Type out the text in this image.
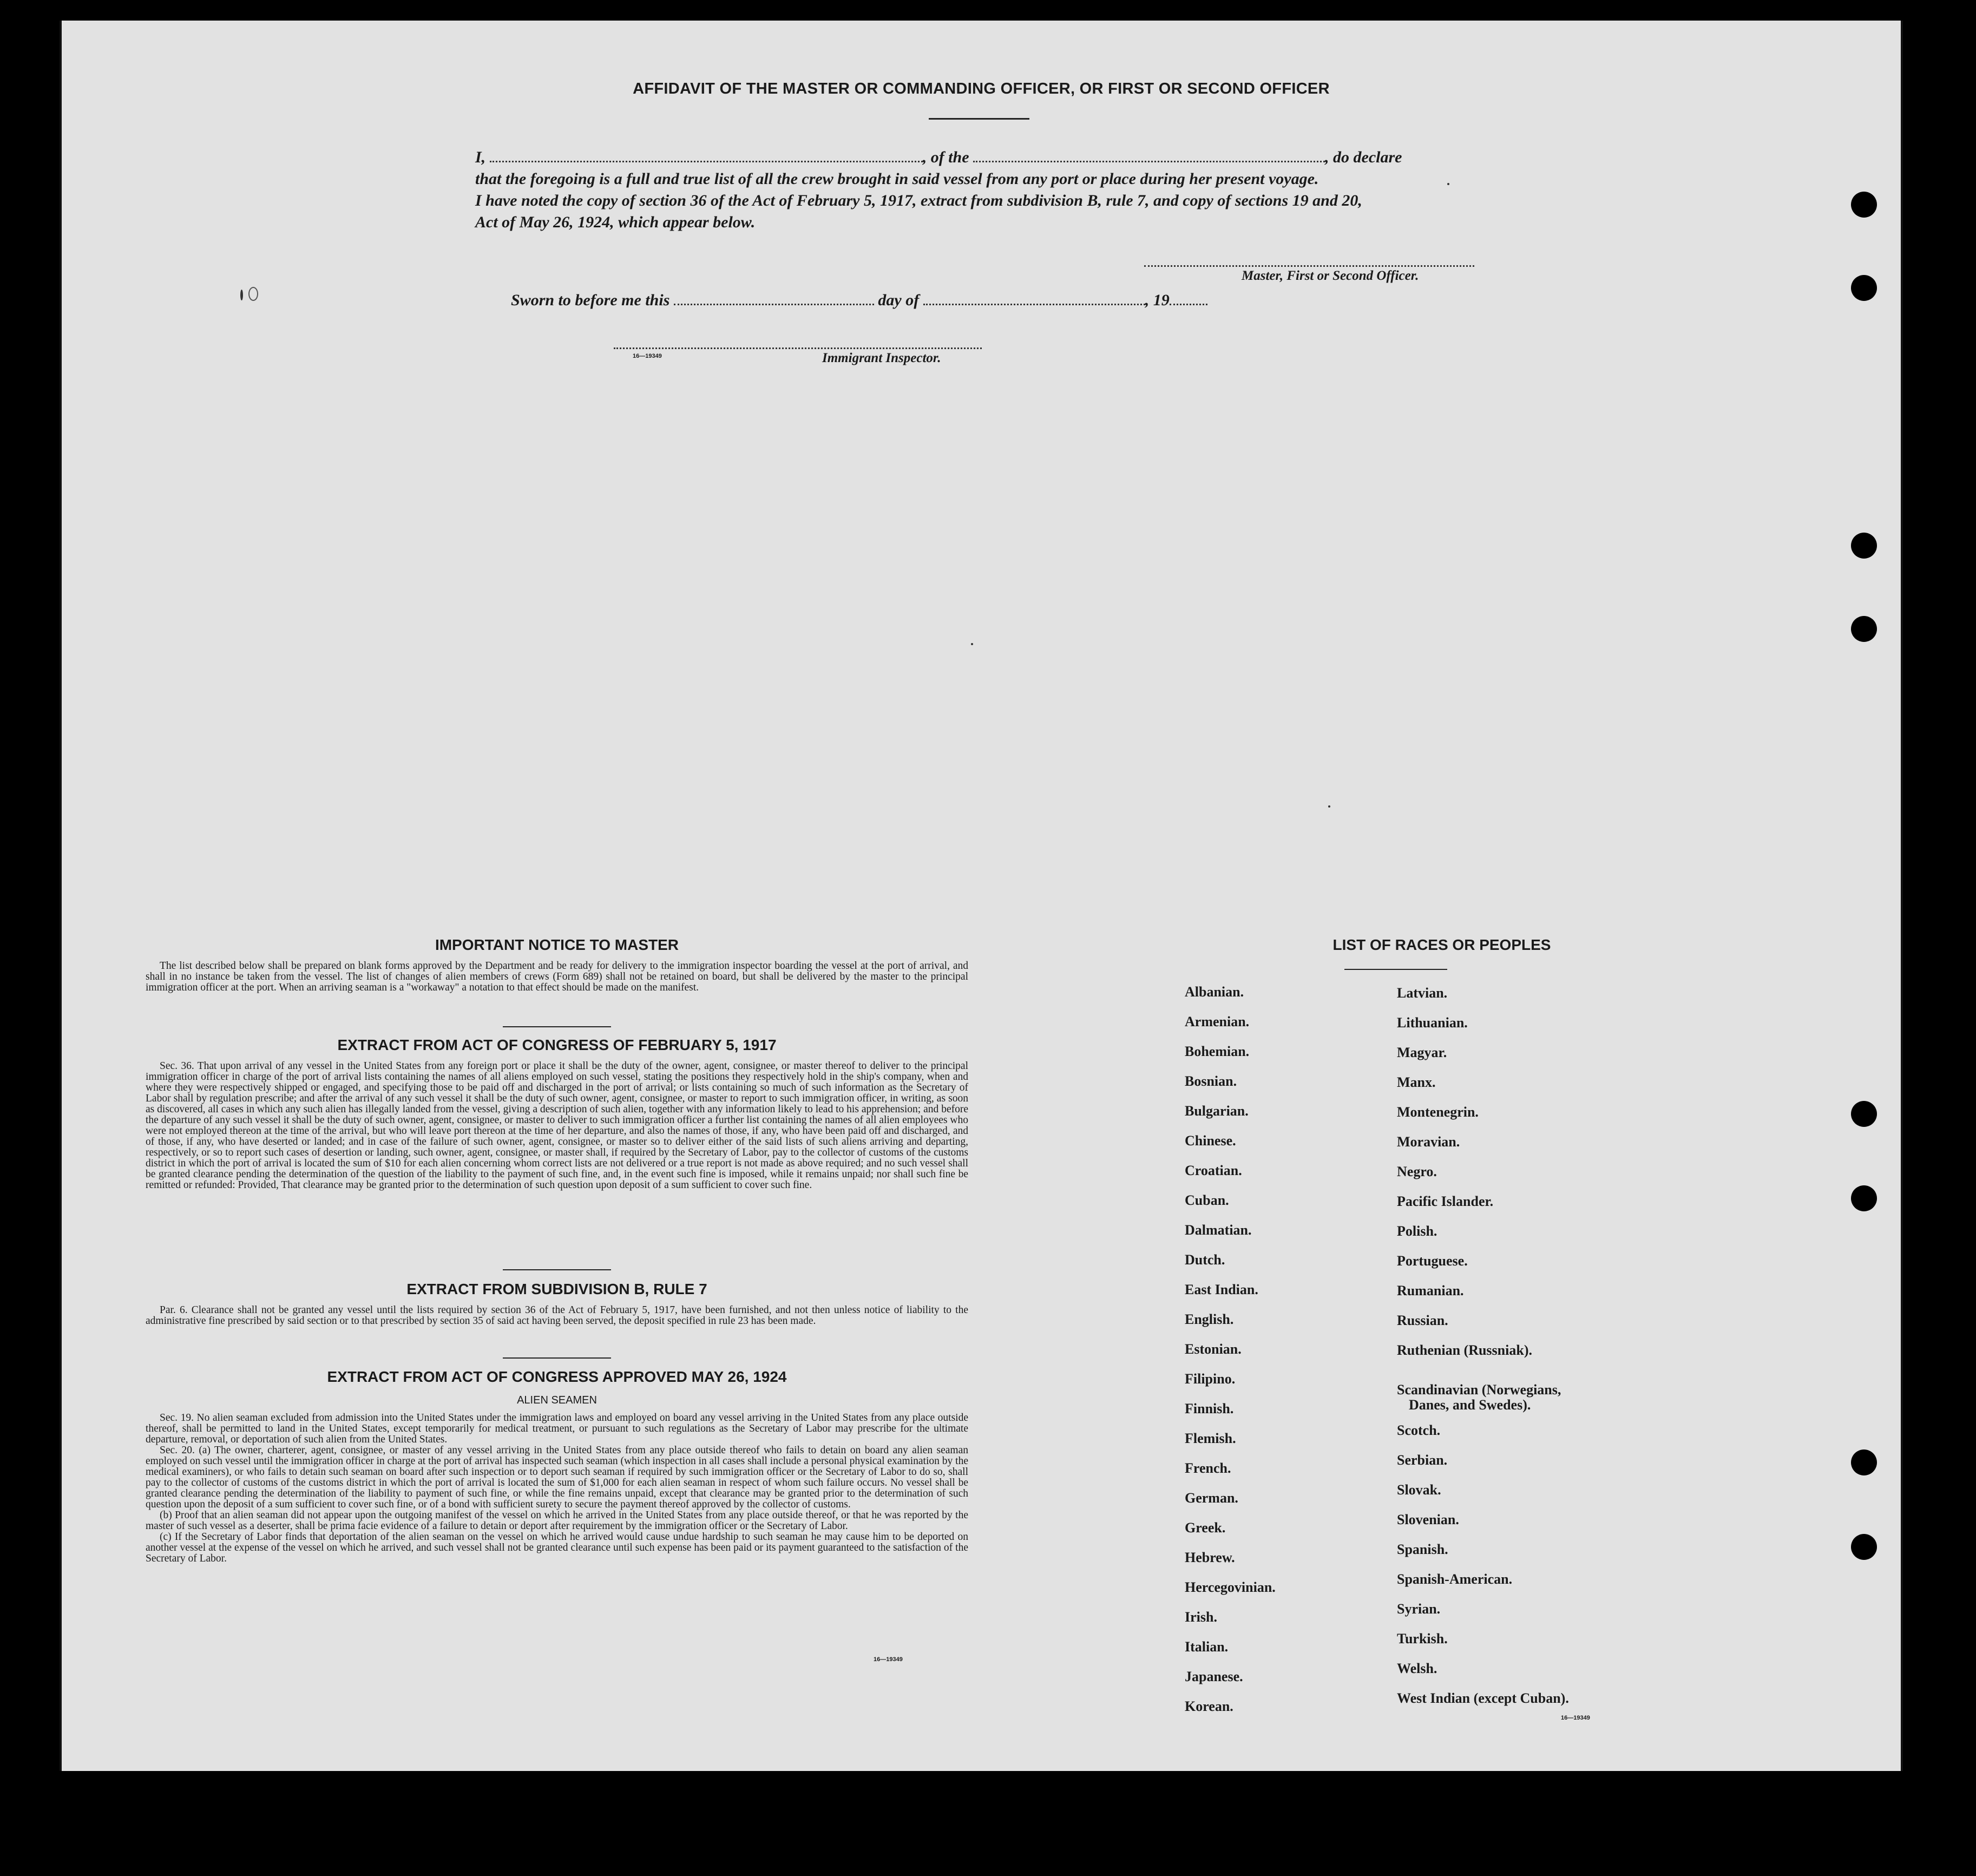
AFFIDAVIT OF THE MASTER OR COMMANDING OFFICER, OR FIRST OR SECOND OFFICER
I,	, of the	, do declare
that the foregoing is a full and true list of all the crew brought in said vessel from any port or place during her present voyage.
I have noted the copy of section 36 of the Act of February 5, 1917, extract from subdivision B, rule 7, and copy of sections 19 and 20,
Act of May 26, 1924, which appear below.
Master, First or Second Officer.
Sworn to before me this	day of	, 19
16—19349	Immigrant Inspector.
IMPORTANT NOTICE TO MASTER

The list described below shall be prepared on blank forms approved by the Department and be ready for delivery to the immigration inspector boarding the vessel at the port of arrival, and shall in no instance be taken from the vessel. The list of changes of alien members of crews (Form 689) shall not be retained on board, but shall be delivered by the master to the principal immigration officer at the port. When an arriving seaman is a "workaway" a notation to that effect should be made on the manifest.

EXTRACT FROM ACT OF CONGRESS OF FEBRUARY 5, 1917

Sec. 36. That upon arrival of any vessel in the United States from any foreign port or place it shall be the duty of the owner, agent, consignee, or master thereof to deliver to the principal immigration officer in charge of the port of arrival lists containing the names of all aliens employed on such vessel, stating the positions they respectively hold in the ship's company, when and where they were respectively shipped or engaged, and specifying those to be paid off and discharged in the port of arrival; or lists containing so much of such information as the Secretary of Labor shall by regulation prescribe; and after the arrival of any such vessel it shall be the duty of such owner, agent, consignee, or master to report to such immigration officer, in writing, as soon as discovered, all cases in which any such alien has illegally landed from the vessel, giving a description of such alien, together with any information likely to lead to his apprehension; and before the departure of any such vessel it shall be the duty of such owner, agent, consignee, or master to deliver to such immigration officer a further list containing the names of all alien employees who were not employed thereon at the time of the arrival, but who will leave port thereon at the time of her departure, and also the names of those, if any, who have been paid off and discharged, and of those, if any, who have deserted or landed; and in case of the failure of such owner, agent, consignee, or master so to deliver either of the said lists of such aliens arriving and departing, respectively, or so to report such cases of desertion or landing, such owner, agent, consignee, or master shall, if required by the Secretary of Labor, pay to the collector of customs of the customs district in which the port of arrival is located the sum of $10 for each alien concerning whom correct lists are not delivered or a true report is not made as above required; and no such vessel shall be granted clearance pending the determination of the question of the liability to the payment of such fine, and, in the event such fine is imposed, while it remains unpaid; nor shall such fine be remitted or refunded: Provided, That clearance may be granted prior to the determination of such question upon deposit of a sum sufficient to cover such fine.

EXTRACT FROM SUBDIVISION B, RULE 7

Par. 6. Clearance shall not be granted any vessel until the lists required by section 36 of the Act of February 5, 1917, have been furnished, and not then unless notice of liability to the administrative fine prescribed by said section or to that prescribed by section 35 of said act having been served, the deposit specified in rule 23 has been made.

EXTRACT FROM ACT OF CONGRESS APPROVED MAY 26, 1924
ALIEN SEAMEN

Sec. 19. No alien seaman excluded from admission into the United States under the immigration laws and employed on board any vessel arriving in the United States from any place outside thereof, shall be permitted to land in the United States, except temporarily for medical treatment, or pursuant to such regulations as the Secretary of Labor may prescribe for the ultimate departure, removal, or deportation of such alien from the United States.

Sec. 20. (a) The owner, charterer, agent, consignee, or master of any vessel arriving in the United States from any place outside thereof who fails to detain on board any alien seaman employed on such vessel until the immigration officer in charge at the port of arrival has inspected such seaman (which inspection in all cases shall include a personal physical examination by the medical examiners), or who fails to detain such seaman on board after such inspection or to deport such seaman if required by such immigration officer or the Secretary of Labor to do so, shall pay to the collector of customs of the customs district in which the port of arrival is located the sum of $1,000 for each alien seaman in respect of whom such failure occurs. No vessel shall be granted clearance pending the determination of the liability to payment of such fine, or while the fine remains unpaid, except that clearance may be granted prior to the determination of such question upon the deposit of a sum sufficient to cover such fine, or of a bond with sufficient surety to secure the payment thereof approved by the collector of customs.

(b) Proof that an alien seaman did not appear upon the outgoing manifest of the vessel on which he arrived in the United States from any place outside thereof, or that he was reported by the master of such vessel as a deserter, shall be prima facie evidence of a failure to detain or deport after requirement by the immigration officer or the Secretary of Labor.

(c) If the Secretary of Labor finds that deportation of the alien seaman on the vessel on which he arrived would cause undue hardship to such seaman he may cause him to be deported on another vessel at the expense of the vessel on which he arrived, and such vessel shall not be granted clearance until such expense has been paid or its payment guaranteed to the satisfaction of the Secretary of Labor.

16—19349
LIST OF RACES OR PEOPLES
Albanian.
Armenian.
Bohemian.
Bosnian.
Bulgarian.
Chinese.
Croatian.
Cuban.
Dalmatian.
Dutch.
East Indian.
English.
Estonian.
Filipino.
Finnish.
Flemish.
French.
German.
Greek.
Hebrew.
Hercegovinian.
Irish.
Italian.
Japanese.
Korean.
Latvian.
Lithuanian.
Magyar.
Manx.
Montenegrin.
Moravian.
Negro.
Pacific Islander.
Polish.
Portuguese.
Rumanian.
Russian.
Ruthenian (Russniak).
Scandinavian (Norwegians,
Danes, and Swedes).
Scotch.
Serbian.
Slovak.
Slovenian.
Spanish.
Spanish-American.
Syrian.
Turkish.
Welsh.
West Indian (except Cuban).
16—19349
